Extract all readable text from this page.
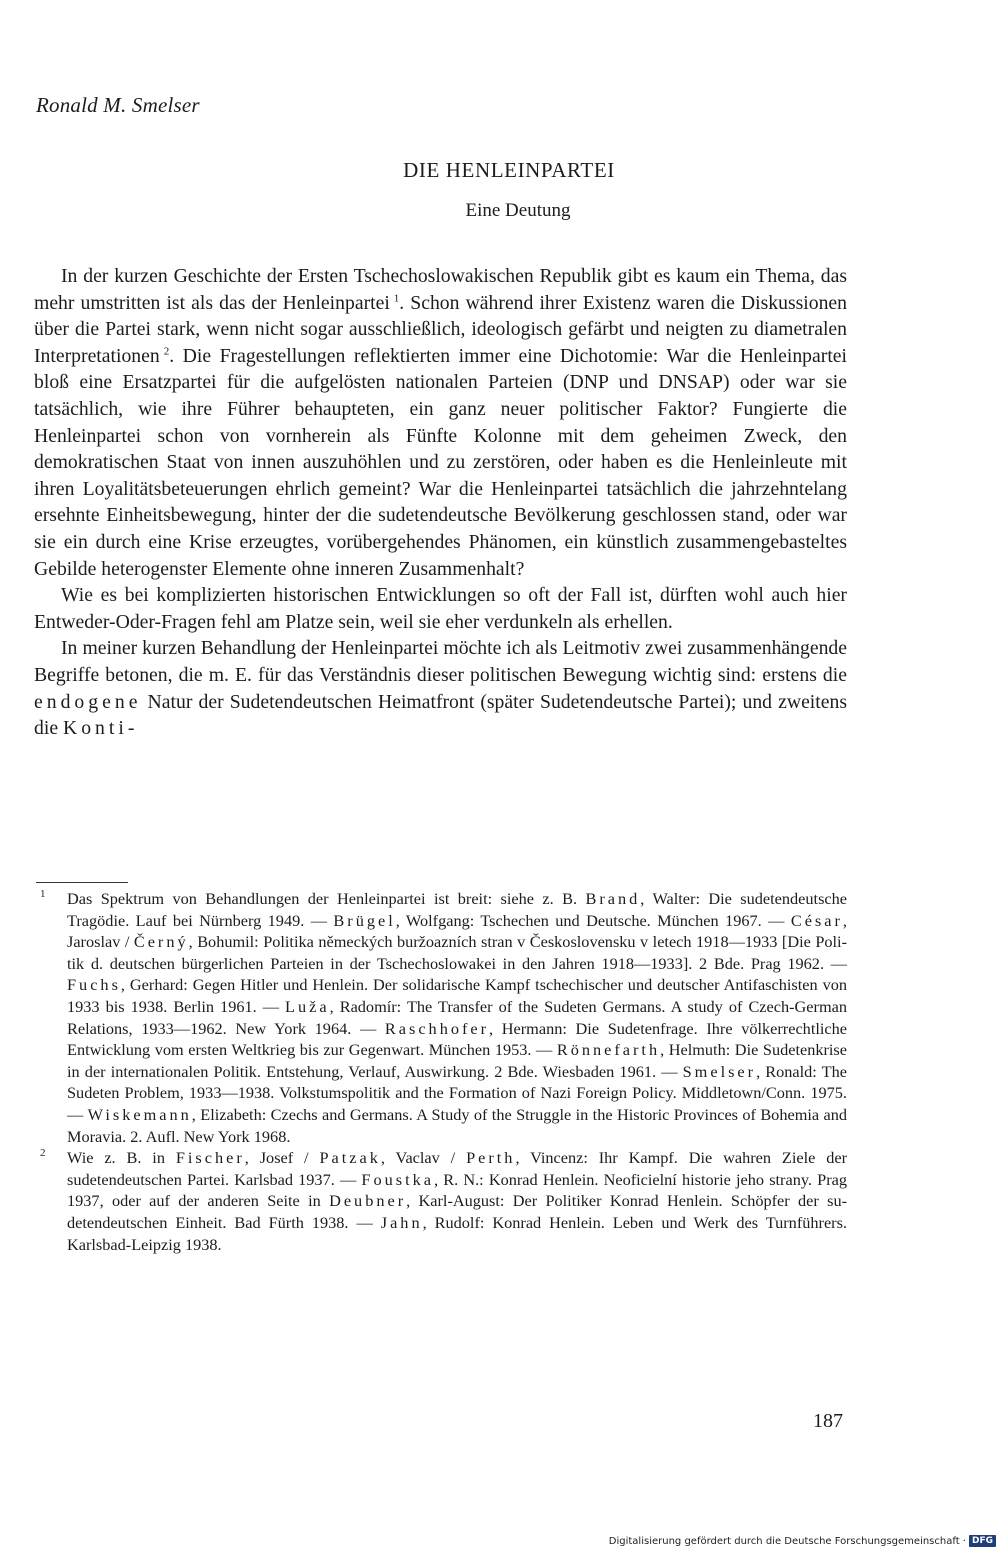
Ronald M. Smelser
DIE HENLEINPARTEI
Eine Deutung

In der kurzen Geschichte der Ersten Tschechoslowakischen Republik gibt es kaum ein Thema, das mehr umstritten ist als das der Henleinpartei  $^1$. Schon während ihrer Existenz waren die Diskussionen über die Partei stark, wenn nicht sogar ausschließlich, ideologisch gefärbt und neigten zu diametralen Interpretationen  $^2$. Die Fragestellungen reflektierten immer eine Dichotomie: War die Henleinpartei bloß eine Ersatzpartei für die aufgelösten nationalen Parteien (DNP und DNSAP) oder war sie tatsächlich, wie ihre Führer behaupteten, ein ganz neuer politischer Faktor? Fungierte die Henleinpartei schon von vornherein als Fünfte Kolonne mit dem geheimen Zweck, den demokratischen Staat von innen auszuhöhlen und zu zerstören, oder haben es die Henleinleute mit ihren Loyalitätsbeteuerungen ehrlich gemeint? War die Henleinpartei tatsächlich die jahrzehntelang ersehnte Einheitsbewegung, hinter der die sudetendeutsche Bevölkerung geschlossen stand, oder war sie ein durch eine Krise erzeugtes, vorübergehendes Phänomen, ein künstlich zusammengebasteltes Gebilde heterogenster Elemente ohne inneren Zusammenhalt?

Wie es bei komplizierten historischen Entwicklungen so oft der Fall ist, dürften wohl auch hier Entweder-Oder-Fragen fehl am Platze sein, weil sie eher verdunkeln als erhellen.

In meiner kurzen Behandlung der Henleinpartei möchte ich als Leitmotiv zwei zusammenhängende Begriffe betonen, die m. E. für das Verständnis dieser politischen Bewegung wichtig sind: erstens die endogene Natur der Sudetendeutschen Heimatfront (später Sudetendeutsche Partei); und zweitens die Konti-

1 Das Spektrum von Behandlungen der Henleinpartei ist breit: siehe z. B. Brand, Walter: Die sudetendeutsche Tragödie. Lauf bei Nürnberg 1949. — Brügel, Wolfgang: Tschechen und Deutsche. München 1967. — César, Jaroslav / Černý, Bohumil: Politika německých buržoazních stran v Československu v letech 1918—1933 [Die Politik d. deutschen bürgerlichen Parteien in der Tschechoslowakei in den Jahren 1918—1933]. 2 Bde. Prag 1962. — Fuchs, Gerhard: Gegen Hitler und Henlein. Der solidarische Kampf tschechischer und deutscher Antifaschisten von 1933 bis 1938. Berlin 1961. — Luža, Radomír: The Transfer of the Sudeten Germans. A study of Czech-German Relations, 1933—1962. New York 1964. — Raschhofer, Hermann: Die Sudetenfrage. Ihre völkerrechtliche Entwicklung vom ersten Weltkrieg bis zur Gegenwart. München 1953. — Rönnefarth, Helmuth: Die Sudetenkrise in der internationalen Politik. Entstehung, Verlauf, Auswirkung. 2 Bde. Wiesbaden 1961. — Smelser, Ronald: The Sudeten Problem, 1933—1938. Volkstumspolitik and the Formation of Nazi Foreign Policy. Middletown/Conn. 1975. — Wiskemann, Elizabeth: Czechs and Germans. A Study of the Struggle in the Historic Provinces of Bohemia and Moravia. 2. Aufl. New York 1968.

2 Wie z. B. in Fischer, Josef / Patzak, Vaclav / Perth, Vincenz: Ihr Kampf. Die wahren Ziele der sudetendeutschen Partei. Karlsbad 1937. — Foustka, R. N.: Konrad Henlein. Neoficielní historie jeho strany. Prag 1937, oder auf der anderen Seite in Deubner, Karl-August: Der Politiker Konrad Henlein. Schöpfer der sudetendeutschen Einheit. Bad Fürth 1938. — Jahn, Rudolf: Konrad Henlein. Leben und Werk des Turnführers. Karlsbad-Leipzig 1938.

187
Digitalisierung gefördert durch die Deutsche Forschungsgemeinschaft · DFG
